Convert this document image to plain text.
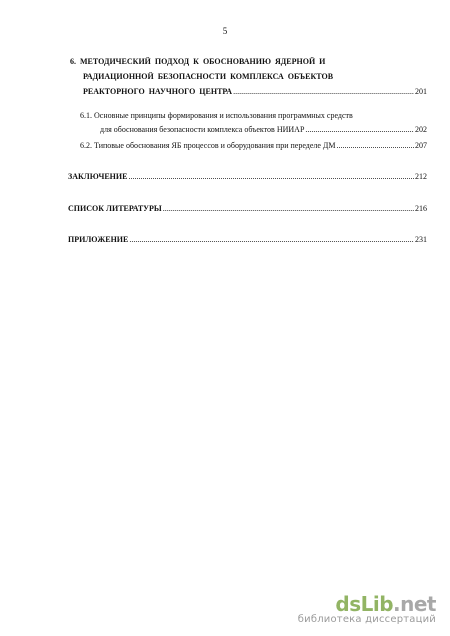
5
6. МЕТОДИЧЕСКИЙ ПОДХОД К ОБОСНОВАНИЮ ЯДЕРНОЙ И
РАДИАЦИОННОЙ БЕЗОПАСНОСТИ КОМПЛЕКСА ОБЪЕКТОВ
РЕАКТОРНОГО НАУЧНОГО ЦЕНТРА .....	201
6.1. Основные принципы формирования и использования программных средств
для обоснования безопасности комплекса объектов НИИАР .....	202
6.2. Типовые обоснования ЯБ процессов и оборудования при переделе ДМ .....	207
ЗАКЛЮЧЕНИЕ .....	212
СПИСОК ЛИТЕРАТУРЫ .....	216
ПРИЛОЖЕНИЕ .....	231
dsLib.net
библиотека диссертаций
